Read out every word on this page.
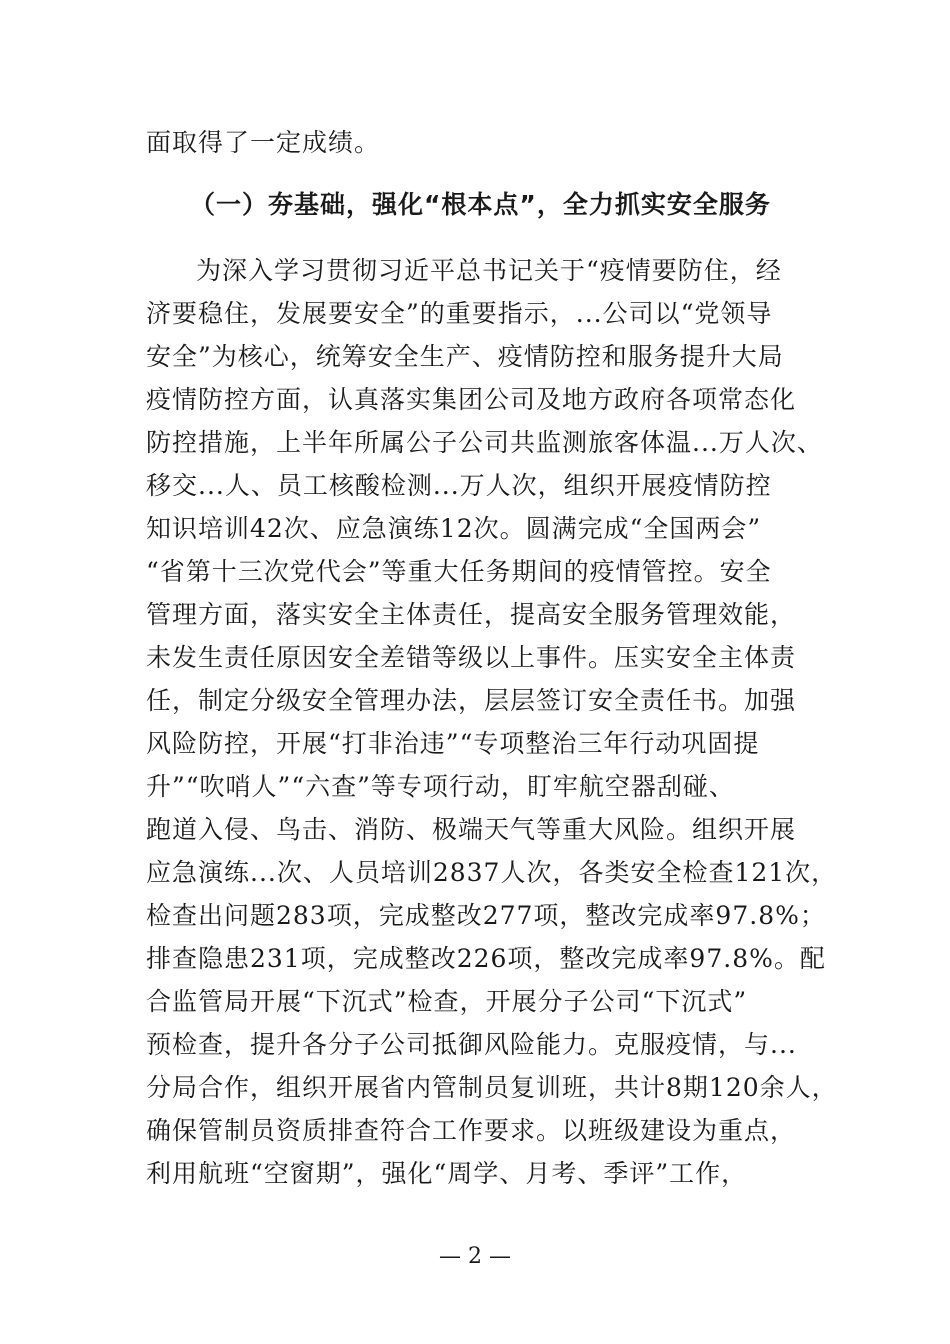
面取得了一定成绩。
（一）夯基础，强化“根本点”，全力抓实安全服务
为深入学习贯彻习近平总书记关于“疫情要防住，经
济要稳住，发展要安全”的重要指示，...公司以“党领导
安全”为核心，统筹安全生产、疫情防控和服务提升大局
疫情防控方面，认真落实集团公司及地方政府各项常态化
防控措施，上半年所属公子公司共监测旅客体温...万人次、
移交...人、员工核酸检测...万人次，组织开展疫情防控
知识培训42次、应急演练12次。圆满完成“全国两会”
“省第十三次党代会”等重大任务期间的疫情管控。安全
管理方面，落实安全主体责任，提高安全服务管理效能，
未发生责任原因安全差错等级以上事件。压实安全主体责
任，制定分级安全管理办法，层层签订安全责任书。加强
风险防控，开展“打非治违”“专项整治三年行动巩固提
升”“吹哨人”“六查”等专项行动，盯牢航空器刮碰、
跑道入侵、鸟击、消防、极端天气等重大风险。组织开展
应急演练...次、人员培训2837人次，各类安全检查121次，
检查出问题283项，完成整改277项，整改完成率97.8%；
排查隐患231项，完成整改226项，整改完成率97.8%。配
合监管局开展“下沉式”检查，开展分子公司“下沉式”
预检查，提升各分子公司抵御风险能力。克服疫情，与...
分局合作，组织开展省内管制员复训班，共计8期120余人，
确保管制员资质排查符合工作要求。以班级建设为重点，
利用航班“空窗期”，强化“周学、月考、季评”工作，
— 2 —
